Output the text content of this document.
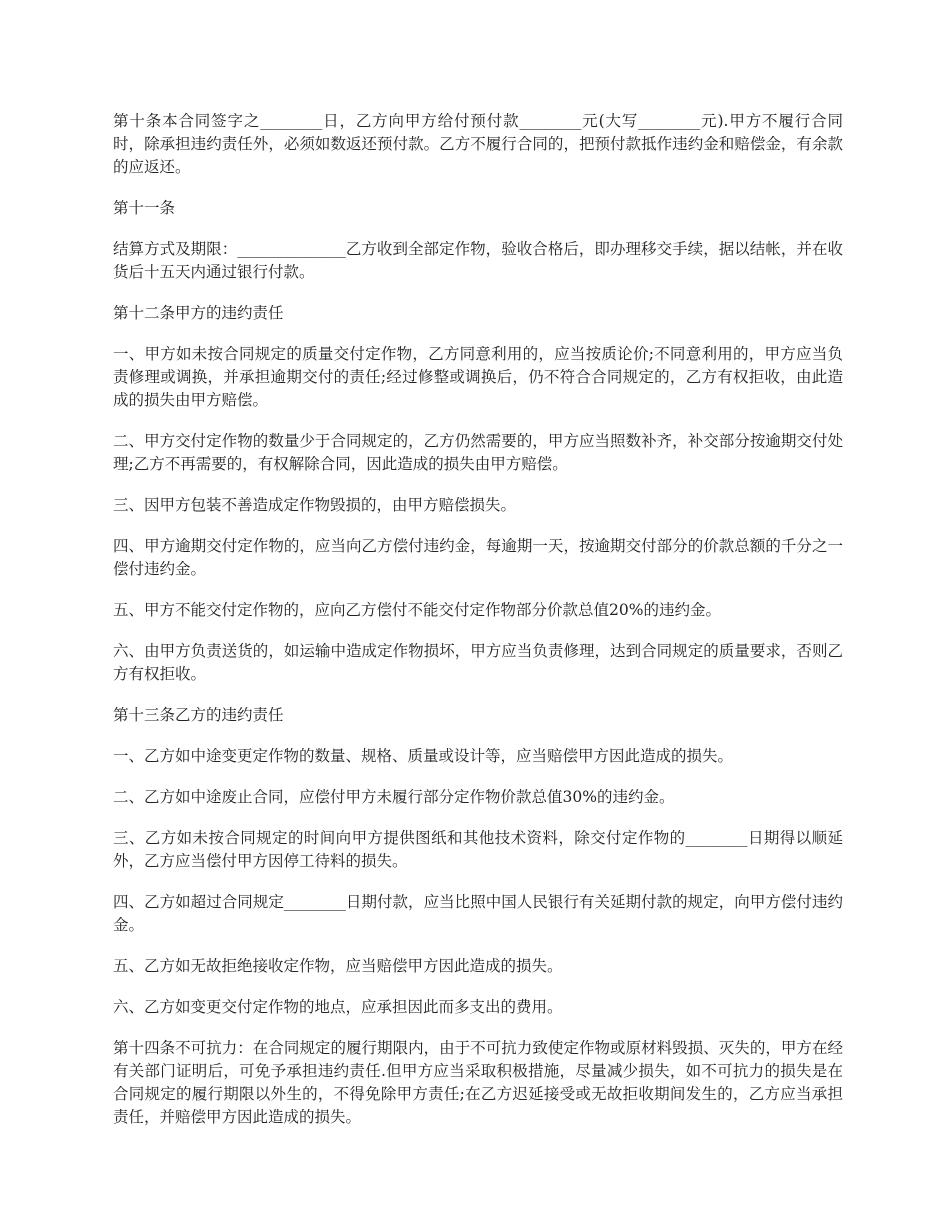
第十条本合同签字之________日，乙方向甲方给付预付款________元(大写________元).甲方不履行合同时，除承担违约责任外，必须如数返还预付款。乙方不履行合同的，把预付款抵作违约金和赔偿金，有余款的应返还。

第十一条

结算方式及期限：______________乙方收到全部定作物，验收合格后，即办理移交手续，据以结帐，并在收货后十五天内通过银行付款。

第十二条甲方的违约责任

一、甲方如未按合同规定的质量交付定作物，乙方同意利用的，应当按质论价;不同意利用的，甲方应当负责修理或调换，并承担逾期交付的责任;经过修整或调换后，仍不符合合同规定的，乙方有权拒收，由此造成的损失由甲方赔偿。

二、甲方交付定作物的数量少于合同规定的，乙方仍然需要的，甲方应当照数补齐，补交部分按逾期交付处理;乙方不再需要的，有权解除合同，因此造成的损失由甲方赔偿。

三、因甲方包装不善造成定作物毁损的，由甲方赔偿损失。

四、甲方逾期交付定作物的，应当向乙方偿付违约金，每逾期一天，按逾期交付部分的价款总额的千分之一偿付违约金。

五、甲方不能交付定作物的，应向乙方偿付不能交付定作物部分价款总值20%的违约金。

六、由甲方负责送货的，如运输中造成定作物损坏，甲方应当负责修理，达到合同规定的质量要求，否则乙方有权拒收。

第十三条乙方的违约责任

一、乙方如中途变更定作物的数量、规格、质量或设计等，应当赔偿甲方因此造成的损失。

二、乙方如中途废止合同，应偿付甲方未履行部分定作物价款总值30%的违约金。

三、乙方如未按合同规定的时间向甲方提供图纸和其他技术资料，除交付定作物的________日期得以顺延外，乙方应当偿付甲方因停工待料的损失。

四、乙方如超过合同规定________日期付款，应当比照中国人民银行有关延期付款的规定，向甲方偿付违约金。

五、乙方如无故拒绝接收定作物，应当赔偿甲方因此造成的损失。

六、乙方如变更交付定作物的地点，应承担因此而多支出的费用。

第十四条不可抗力：在合同规定的履行期限内，由于不可抗力致使定作物或原材料毁损、灭失的，甲方在经有关部门证明后，可免予承担违约责任.但甲方应当采取积极措施，尽量减少损失，如不可抗力的损失是在合同规定的履行期限以外生的，不得免除甲方责任;在乙方迟延接受或无故拒收期间发生的，乙方应当承担责任，并赔偿甲方因此造成的损失。
